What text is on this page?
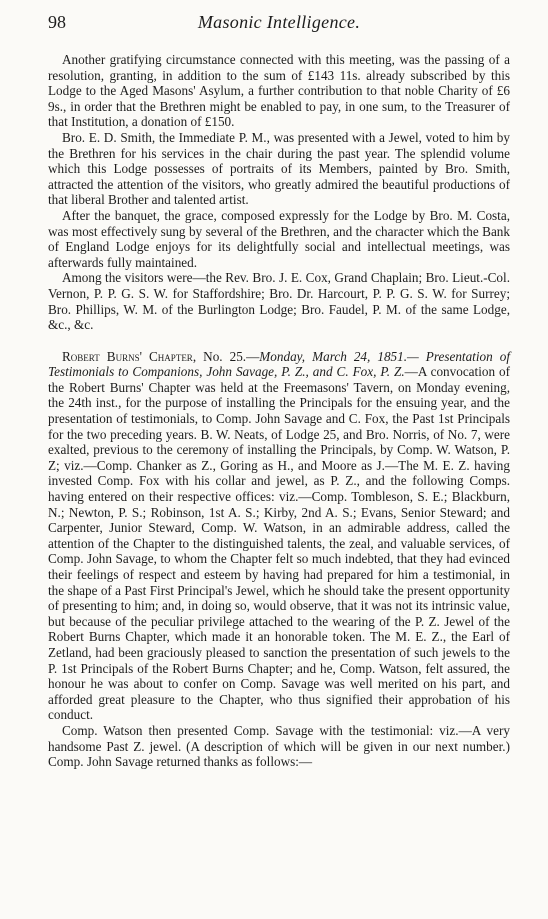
98	Masonic Intelligence.

Another gratifying circumstance connected with this meeting, was the passing of a resolution, granting, in addition to the sum of £143 11s. already subscribed by this Lodge to the Aged Masons' Asylum, a further contribution to that noble Charity of £6 9s., in order that the Brethren might be enabled to pay, in one sum, to the Treasurer of that Institution, a donation of £150.

Bro. E. D. Smith, the Immediate P. M., was presented with a Jewel, voted to him by the Brethren for his services in the chair during the past year. The splendid volume which this Lodge possesses of portraits of its Members, painted by Bro. Smith, attracted the attention of the visitors, who greatly admired the beautiful productions of that liberal Brother and talented artist.

After the banquet, the grace, composed expressly for the Lodge by Bro. M. Costa, was most effectively sung by several of the Brethren, and the character which the Bank of England Lodge enjoys for its delightfully social and intellectual meetings, was afterwards fully maintained.

Among the visitors were—the Rev. Bro. J. E. Cox, Grand Chaplain; Bro. Lieut.-Col. Vernon, P. P. G. S. W. for Staffordshire; Bro. Dr. Harcourt, P. P. G. S. W. for Surrey; Bro. Phillips, W. M. of the Burlington Lodge; Bro. Faudel, P. M. of the same Lodge, &c., &c.

Robert Burns' Chapter, No. 25.—Monday, March 24, 1851.— Presentation of Testimonials to Companions, John Savage, P. Z., and C. Fox, P. Z.—A convocation of the Robert Burns' Chapter was held at the Freemasons' Tavern, on Monday evening, the 24th inst., for the purpose of installing the Principals for the ensuing year, and the presentation of testimonials, to Comp. John Savage and C. Fox, the Past 1st Principals for the two preceding years. B. W. Neats, of Lodge 25, and Bro. Norris, of No. 7, were exalted, previous to the ceremony of installing the Principals, by Comp. W. Watson, P. Z; viz.—Comp. Chanker as Z., Goring as H., and Moore as J.—The M. E. Z. having invested Comp. Fox with his collar and jewel, as P. Z., and the following Comps. having entered on their respective offices: viz.—Comp. Tombleson, S. E.; Blackburn, N.; Newton, P. S.; Robinson, 1st A. S.; Kirby, 2nd A. S.; Evans, Senior Steward; and Carpenter, Junior Steward, Comp. W. Watson, in an admirable address, called the attention of the Chapter to the distinguished talents, the zeal, and valuable services, of Comp. John Savage, to whom the Chapter felt so much indebted, that they had evinced their feelings of respect and esteem by having had prepared for him a testimonial, in the shape of a Past First Principal's Jewel, which he should take the present opportunity of presenting to him; and, in doing so, would observe, that it was not its intrinsic value, but because of the peculiar privilege attached to the wearing of the P. Z. Jewel of the Robert Burns Chapter, which made it an honorable token. The M. E. Z., the Earl of Zetland, had been graciously pleased to sanction the presentation of such jewels to the P. 1st Principals of the Robert Burns Chapter; and he, Comp. Watson, felt assured, the honour he was about to confer on Comp. Savage was well merited on his part, and afforded great pleasure to the Chapter, who thus signified their approbation of his conduct.

Comp. Watson then presented Comp. Savage with the testimonial: viz.—A very handsome Past Z. jewel. (A description of which will be given in our next number.) Comp. John Savage returned thanks as follows:—
